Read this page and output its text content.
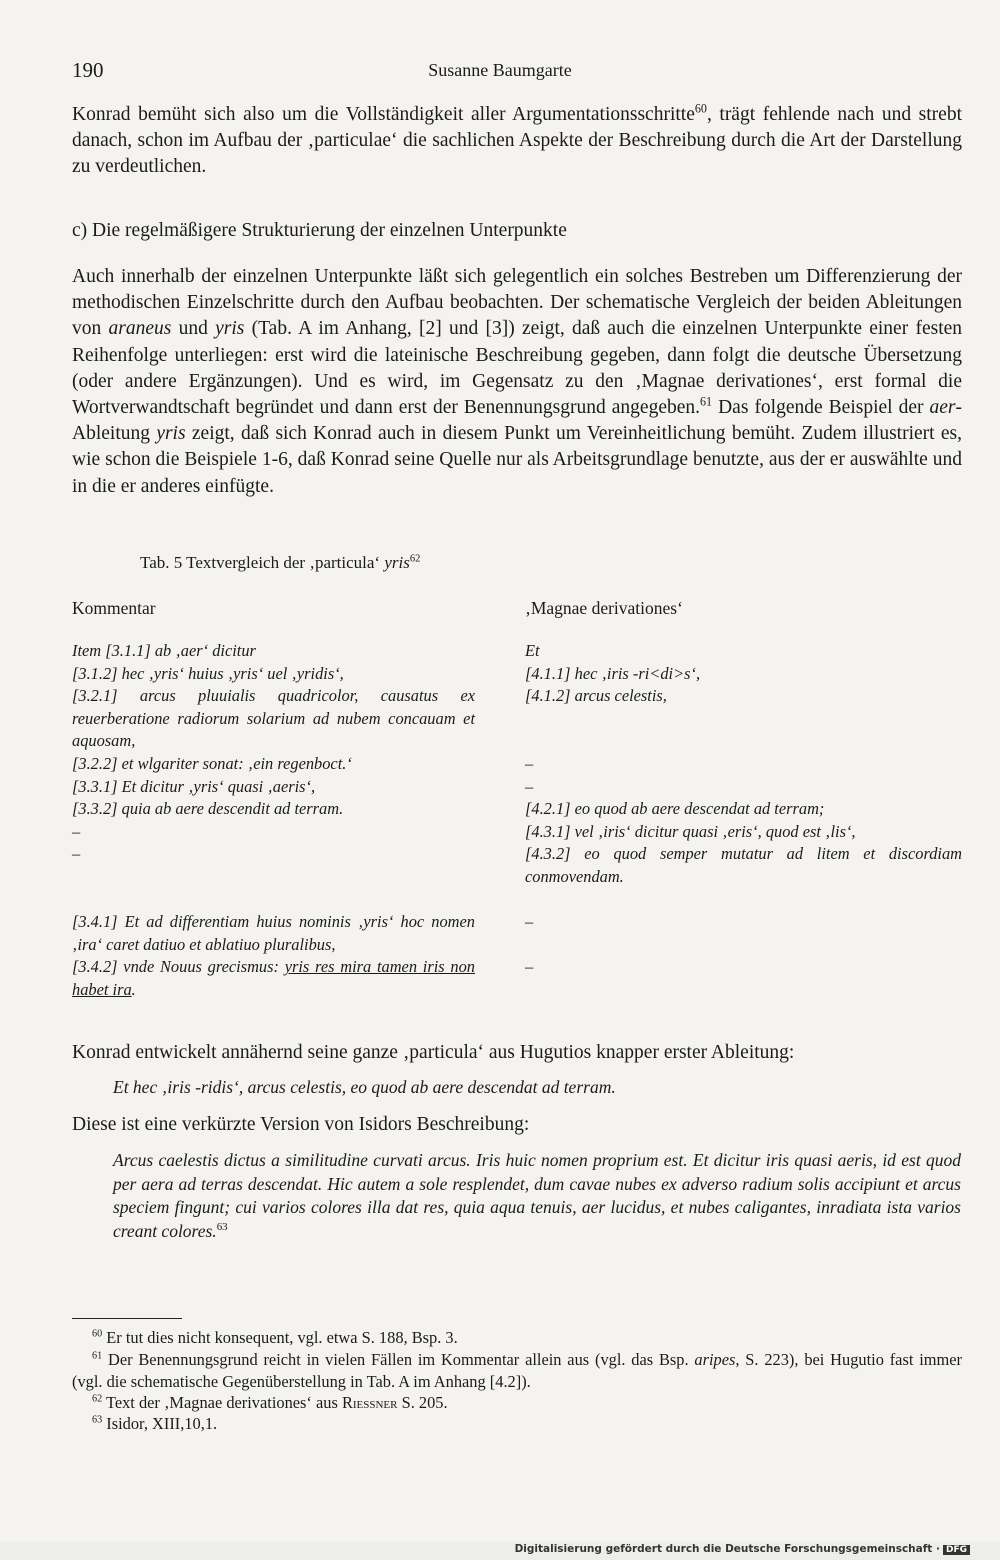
190	Susanne Baumgarte

Konrad bemüht sich also um die Vollständigkeit aller Argumentationsschritte$^{60}$, trägt fehlende nach und strebt danach, schon im Aufbau der ‚particulae‘ die sachlichen Aspekte der Beschreibung durch die Art der Darstellung zu verdeutlichen.

c) Die regelmäßigere Strukturierung der einzelnen Unterpunkte

Auch innerhalb der einzelnen Unterpunkte läßt sich gelegentlich ein solches Bestreben um Differenzierung der methodischen Einzelschritte durch den Aufbau beobachten. Der schematische Vergleich der beiden Ableitungen von araneus und yris (Tab. A im Anhang, [2] und [3]) zeigt, daß auch die einzelnen Unterpunkte einer festen Reihenfolge unterliegen: erst wird die lateinische Beschreibung gegeben, dann folgt die deutsche Übersetzung (oder andere Ergänzungen). Und es wird, im Gegensatz zu den ‚Magnae derivationes‘, erst formal die Wortverwandtschaft begründet und dann erst der Benennungsgrund angegeben.$^{61}$ Das folgende Beispiel der aer-Ableitung yris zeigt, daß sich Konrad auch in diesem Punkt um Vereinheitlichung bemüht. Zudem illustriert es, wie schon die Beispiele 1-6, daß Konrad seine Quelle nur als Arbeitsgrundlage benutzte, aus der er auswählte und in die er anderes einfügte.

Tab. 5 Textvergleich der ‚particula‘ yris$^{62}$
Kommentar	‚Magnae derivationes‘
Item [3.1.1] ab ‚aer‘ dicitur
[3.1.2] hec ‚yris‘ huius ‚yris‘ uel ‚yridis‘,
[3.2.1] arcus pluuialis quadricolor, causatus ex reuerberatione radiorum solarium ad nubem concauam et aquosam,
[3.2.2] et wlgariter sonat: ‚ein regenboct.‘
[3.3.1] Et dicitur ‚yris‘ quasi ‚aeris‘,
[3.3.2] quia ab aere descendit ad terram.
–
–
[3.4.1] Et ad differentiam huius nominis ‚yris‘ hoc nomen ‚ira‘ caret datiuo et ablatiuo pluralibus,
[3.4.2] vnde Nouus grecismus: yris res mira tamen iris non habet ira.
Et
[4.1.1] hec ‚iris -ri<di>s‘,
[4.1.2] arcus celestis,
–
–
[4.2.1] eo quod ab aere descendat ad terram;
[4.3.1] vel ‚iris‘ dicitur quasi ‚eris‘, quod est ‚lis‘,
[4.3.2] eo quod semper mutatur ad litem et discordiam conmovendam.
–
–
Konrad entwickelt annähernd seine ganze ‚particula‘ aus Hugutios knapper erster Ableitung:
Et hec ‚iris -ridis‘, arcus celestis, eo quod ab aere descendat ad terram.
Diese ist eine verkürzte Version von Isidors Beschreibung:

Arcus caelestis dictus a similitudine curvati arcus. Iris huic nomen proprium est. Et dicitur iris quasi aeris, id est quod per aera ad terras descendat. Hic autem a sole resplendet, dum cavae nubes ex adverso radium solis accipiunt et arcus speciem fingunt; cui varios colores illa dat res, quia aqua tenuis, aer lucidus, et nubes caligantes, inradiata ista varios creant colores.$^{63}$

$^{60}$ Er tut dies nicht konsequent, vgl. etwa S. 188, Bsp. 3.

$^{61}$ Der Benennungsgrund reicht in vielen Fällen im Kommentar allein aus (vgl. das Bsp. aripes, S. 223), bei Hugutio fast immer (vgl. die schematische Gegenüberstellung in Tab. A im Anhang [4.2]).

$^{62}$ Text der ‚Magnae derivationes‘ aus Riessner S. 205.
$^{63}$ Isidor, XIII,10,1.
Digitalisierung gefördert durch die Deutsche Forschungsgemeinschaft · DFG
